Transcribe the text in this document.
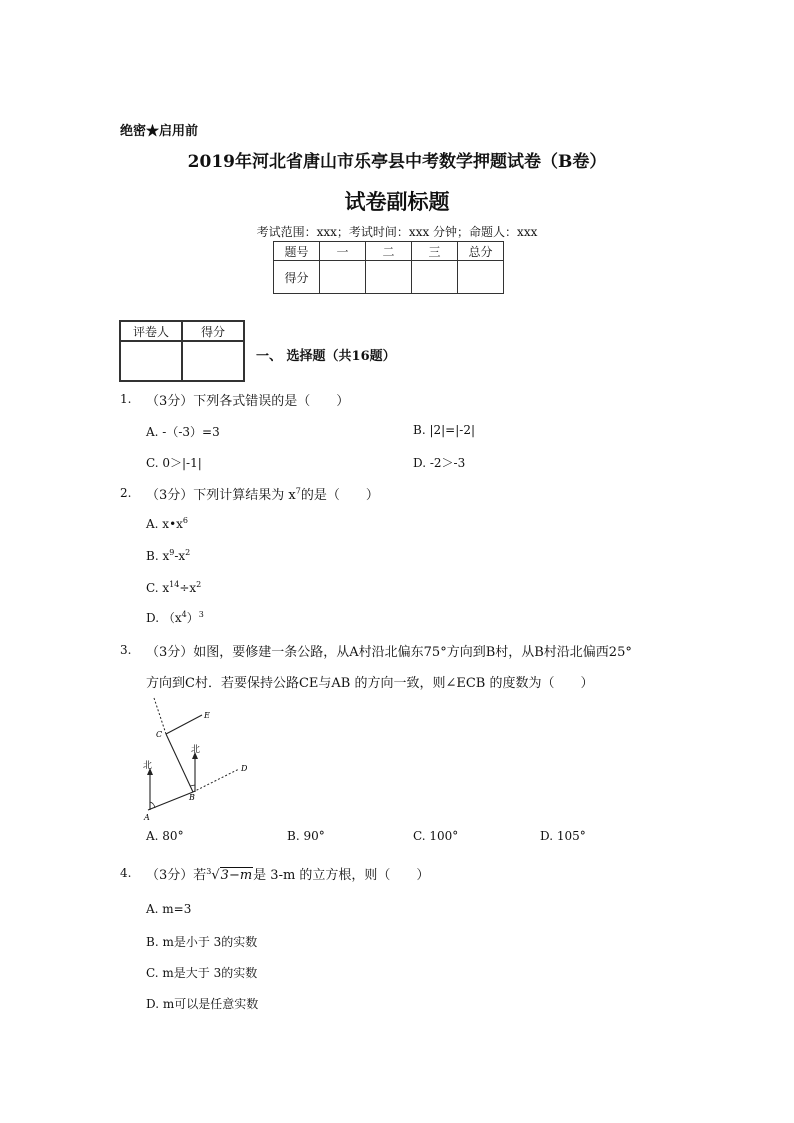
绝密★启用前
2019年河北省唐山市乐亭县中考数学押题试卷（B卷）
试卷副标题
考试范围：xxx；考试时间：xxx 分钟；命题人：xxx
题号	一	二	三	总分
得分				
评卷人	得分

一、 选择题（共16题）
1. （3分）下列各式错误的是（　　）
A. -（-3）=3	B. |2|=|-2|
C. 0＞|-1|	D. -2＞-3
2. （3分）下列计算结果为 $x^7$的是（　　）
A. $x•x^6$
B. $x^9-x^2$
C. $x^{14}\div x^2$
D. $(x^4)^3$
3. （3分）如图，要修建一条公路，从A村沿北偏东75°方向到B村，从B村沿北偏西25°
方向到C村．若要保持公路CE与AB 的方向一致，则∠ECB 的度数为（　　）
北
北
A
B
C
D
E
A. 80°	B. 90°	C. 100°	D. 105°
4. （3分）若$^3$√3−m是 3-m 的立方根，则（　　）
A. m=3
B. m是小于 3的实数
C. m是大于 3的实数
D. m可以是任意实数
